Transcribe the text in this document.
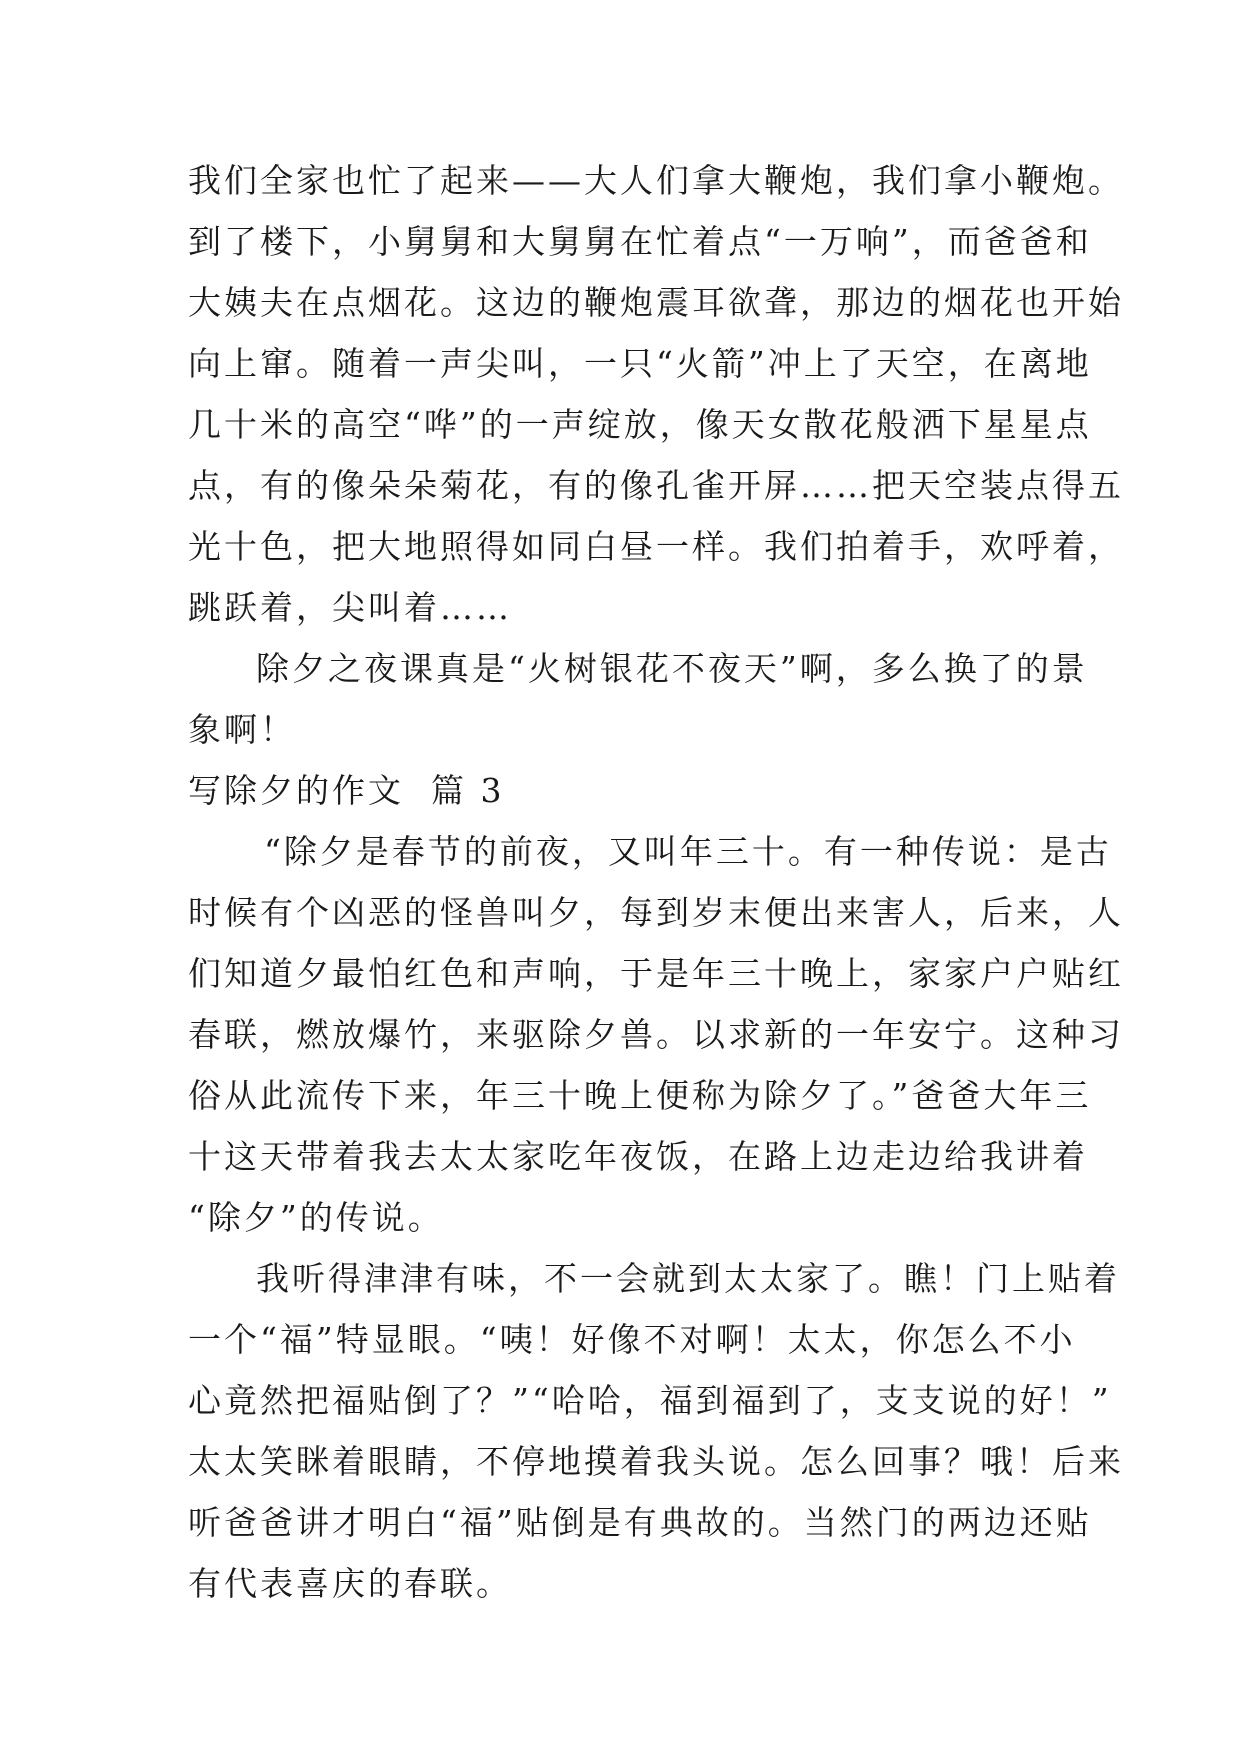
我们全家也忙了起来——大人们拿大鞭炮，我们拿小鞭炮。
到了楼下，小舅舅和大舅舅在忙着点“一万响”，而爸爸和
大姨夫在点烟花。这边的鞭炮震耳欲聋，那边的烟花也开始
向上窜。随着一声尖叫，一只“火箭”冲上了天空，在离地
几十米的高空“哗”的一声绽放，像天女散花般洒下星星点
点，有的像朵朵菊花，有的像孔雀开屏……把天空装点得五
光十色，把大地照得如同白昼一样。我们拍着手，欢呼着，
跳跃着，尖叫着……
除夕之夜课真是“火树银花不夜天”啊，多么换了的景
象啊！
写除夕的作文  篇 3
“除夕是春节的前夜，又叫年三十。有一种传说：是古
时候有个凶恶的怪兽叫夕，每到岁末便出来害人，后来，人
们知道夕最怕红色和声响，于是年三十晚上，家家户户贴红
春联，燃放爆竹，来驱除夕兽。以求新的一年安宁。这种习
俗从此流传下来，年三十晚上便称为除夕了。”爸爸大年三
十这天带着我去太太家吃年夜饭，在路上边走边给我讲着
“除夕”的传说。
我听得津津有味，不一会就到太太家了。瞧！门上贴着
一个“福”特显眼。“咦！好像不对啊！太太，你怎么不小
心竟然把福贴倒了？”“哈哈，福到福到了，支支说的好！”
太太笑眯着眼睛，不停地摸着我头说。怎么回事？哦！后来
听爸爸讲才明白“福”贴倒是有典故的。当然门的两边还贴
有代表喜庆的春联。
